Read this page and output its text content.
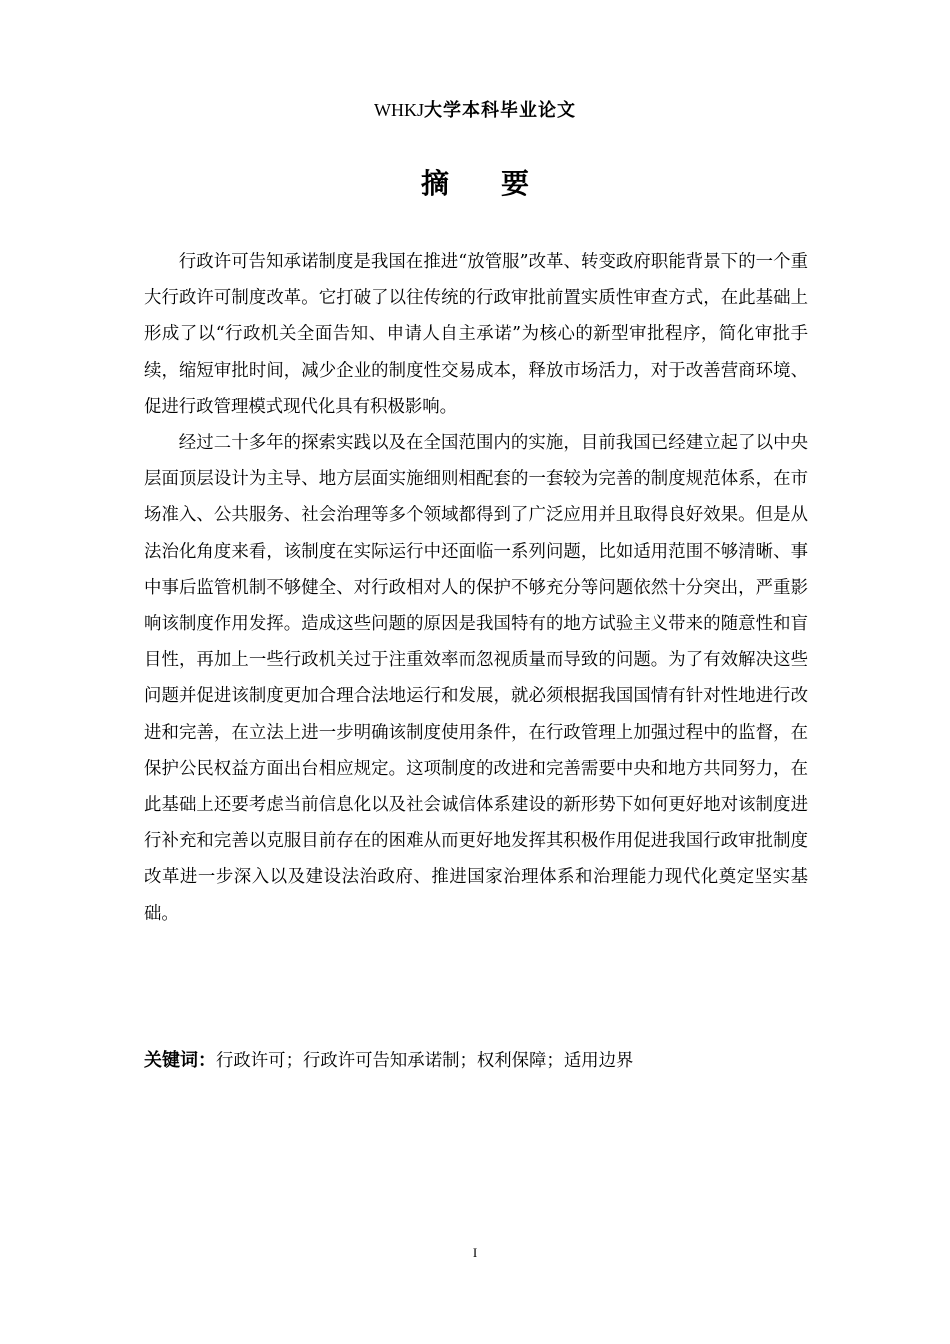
WHKJ大学本科毕业论文
摘要

行政许可告知承诺制度是我国在推进“放管服”改革、转变政府职能背景下的一个重大行政许可制度改革。它打破了以往传统的行政审批前置实质性审查方式，在此基础上形成了以“行政机关全面告知、申请人自主承诺”为核心的新型审批程序，简化审批手续，缩短审批时间，减少企业的制度性交易成本，释放市场活力，对于改善营商环境、促进行政管理模式现代化具有积极影响。

经过二十多年的探索实践以及在全国范围内的实施，目前我国已经建立起了以中央层面顶层设计为主导、地方层面实施细则相配套的一套较为完善的制度规范体系，在市场准入、公共服务、社会治理等多个领域都得到了广泛应用并且取得良好效果。但是从法治化角度来看，该制度在实际运行中还面临一系列问题，比如适用范围不够清晰、事中事后监管机制不够健全、对行政相对人的保护不够充分等问题依然十分突出，严重影响该制度作用发挥。造成这些问题的原因是我国特有的地方试验主义带来的随意性和盲目性，再加上一些行政机关过于注重效率而忽视质量而导致的问题。为了有效解决这些问题并促进该制度更加合理合法地运行和发展，就必须根据我国国情有针对性地进行改进和完善，在立法上进一步明确该制度使用条件，在行政管理上加强过程中的监督，在保护公民权益方面出台相应规定。这项制度的改进和完善需要中央和地方共同努力，在此基础上还要考虑当前信息化以及社会诚信体系建设的新形势下如何更好地对该制度进行补充和完善以克服目前存在的困难从而更好地发挥其积极作用促进我国行政审批制度改革进一步深入以及建设法治政府、推进国家治理体系和治理能力现代化奠定坚实基础。

关键词：行政许可；行政许可告知承诺制；权利保障；适用边界
I
